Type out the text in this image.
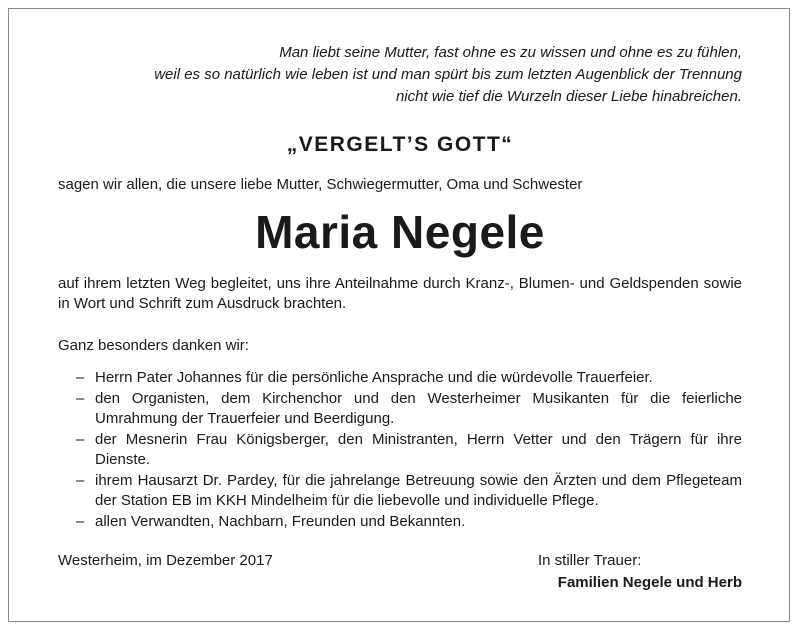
Man liebt seine Mutter, fast ohne es zu wissen und ohne es zu fühlen,
weil es so natürlich wie leben ist und man spürt bis zum letzten Augenblick der Trennung
nicht wie tief die Wurzeln dieser Liebe hinabreichen.
„VERGELT’S GOTT“
sagen wir allen, die unsere liebe Mutter, Schwiegermutter, Oma und Schwester
Maria Negele
auf ihrem letzten Weg begleitet, uns ihre Anteilnahme durch Kranz-, Blumen- und Geldspenden sowie in Wort und Schrift zum Ausdruck brachten.
Ganz besonders danken wir:
– Herrn Pater Johannes für die persönliche Ansprache und die würdevolle Trauerfeier.
– den Organisten, dem Kirchenchor und den Westerheimer Musikanten für die feierliche Umrahmung der Trauerfeier und Beerdigung.
– der Mesnerin Frau Königsberger, den Ministranten, Herrn Vetter und den Trägern für ihre Dienste.
– ihrem Hausarzt Dr. Pardey, für die jahrelange Betreuung sowie den Ärzten und dem Pflegeteam der Station EB im KKH Mindelheim für die liebevolle und individuelle Pflege.
– allen Verwandten, Nachbarn, Freunden und Bekannten.
Westerheim, im Dezember 2017	In stiller Trauer:
Familien Negele und Herb
